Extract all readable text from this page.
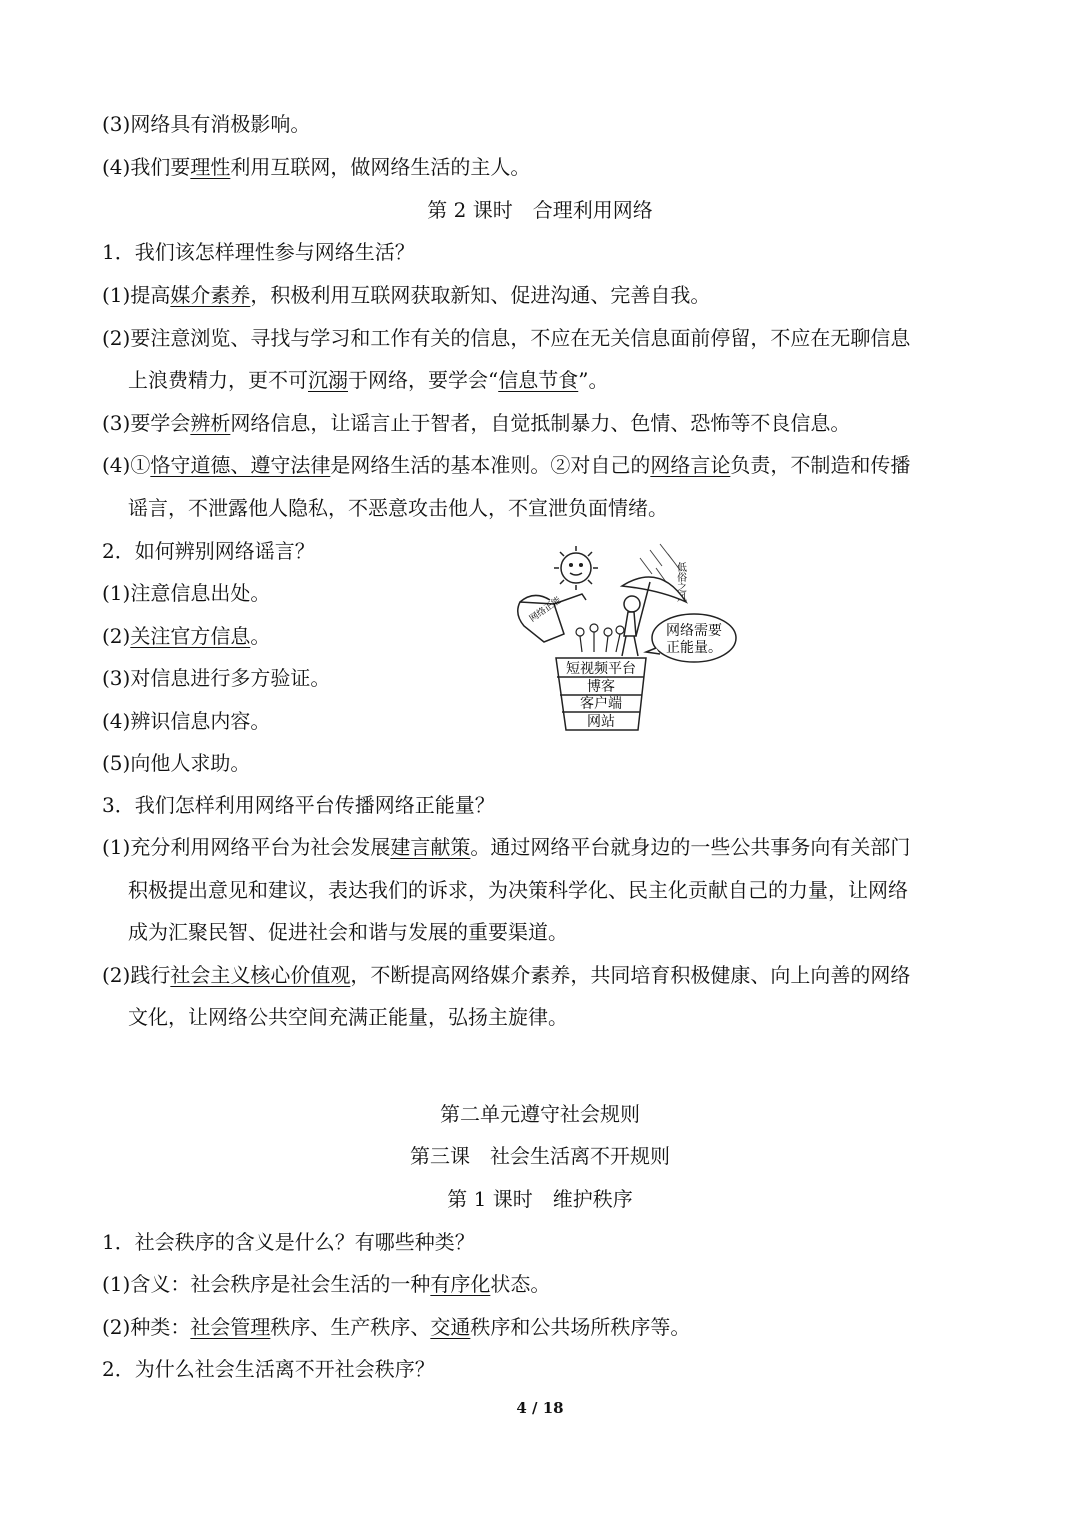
(3)网络具有消极影响。
(4)我们要理性利用互联网，做网络生活的主人。
第 2 课时　合理利用网络
1．我们该怎样理性参与网络生活？
(1)提高媒介素养，积极利用互联网获取新知、促进沟通、完善自我。
(2)要注意浏览、寻找与学习和工作有关的信息，不应在无关信息面前停留，不应在无聊信息
上浪费精力，更不可沉溺于网络，要学会“信息节食”。
(3)要学会辨析网络信息，让谣言止于智者，自觉抵制暴力、色情、恐怖等不良信息。
(4)①恪守道德、遵守法律是网络生活的基本准则。②对自己的网络言论负责，不制造和传播
谣言，不泄露他人隐私，不恶意攻击他人，不宣泄负面情绪。
2．如何辨别网络谣言？
(1)注意信息出处。
(2)关注官方信息。
(3)对信息进行多方验证。
(4)辨识信息内容。
(5)向他人求助。
网络正能
低俗之风
网络需要
正能量。
短视频平台
博客
客户端
网站
3．我们怎样利用网络平台传播网络正能量？
(1)充分利用网络平台为社会发展建言献策。通过网络平台就身边的一些公共事务向有关部门
积极提出意见和建议，表达我们的诉求，为决策科学化、民主化贡献自己的力量，让网络
成为汇聚民智、促进社会和谐与发展的重要渠道。
(2)践行社会主义核心价值观，不断提高网络媒介素养，共同培育积极健康、向上向善的网络
文化，让网络公共空间充满正能量，弘扬主旋律。
第二单元遵守社会规则
第三课　社会生活离不开规则
第 1 课时　维护秩序
1．社会秩序的含义是什么？有哪些种类？
(1)含义：社会秩序是社会生活的一种有序化状态。
(2)种类：社会管理秩序、生产秩序、交通秩序和公共场所秩序等。
2．为什么社会生活离不开社会秩序？
4 / 18
